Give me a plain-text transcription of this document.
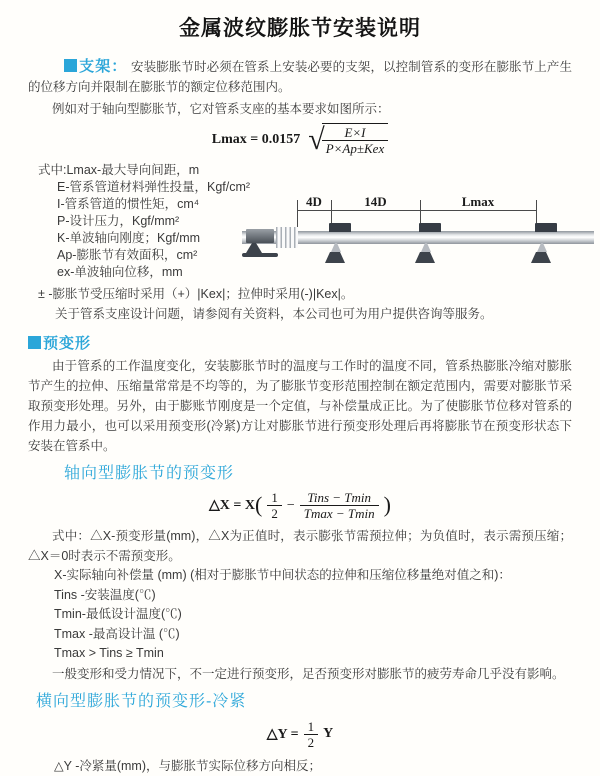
金属波纹膨胀节安装说明

支架： 安装膨胀节时必须在管系上安装必要的支架，以控制管系的变形在膨胀节上产生的位移方向并限制在膨胀节的额定位移范围内。

例如对于轴向型膨胀节，它对管系支座的基本要求如图所示：

Lmax = 0.0157 √
$\frac{E\times I}{\text{P×Ap±Kex}}$
式中:Lmax-最大导向间距，m
E-管系管道材料弹性投量，Kgf/cm²
I-管系管道的惯性矩，cm⁴
P-设计压力，Kgf/mm²
K-单波轴向刚度；Kgf/mm
Ap-膨胀节有效面积，cm²
ex-单波轴向位移，mm
± -膨胀节受压缩时采用（+）|Kex|；拉伸时采用(-)|Kex|。
关于管系支座设计问题，请参阅有关资料，本公司也可为用户提供咨询等服务。
4D	14D	Lmax
预变形

由于管系的工作温度变化，安装膨胀节时的温度与工作时的温度不同，管系热膨胀冷缩对膨胀节产生的拉伸、压缩量常常是不均等的，为了膨胀节变形范围控制在额定范围内，需要对膨胀节采取预变形处理。另外，由于膨账节刚度是一个定值，与补偿量成正比。为了使膨胀节位移对管系的作用力最小，也可以采用预变形(冷紧)方让对膨胀节进行预变形处理后再将膨胀节在预变形状态下安装在管系中。

轴向型膨胀节的预变形
△X = X ( $\frac{1}{2} - \frac{\text{Tins − Tmin}}{Tmax - Tmin}$ )

式中：△X-预变形量(mm)，△X为正值时，表示膨张节需预拉伸；为负值时，表示需预压缩；△X＝0时表示不需预变形。

X-实际轴向补偿量 (mm) (相对于膨胀节中间状态的拉伸和压缩位移量绝对值之和)：
Tins -安装温度(℃)
Tmin-最低设计温度(℃)
Tmax -最高设计温 (℃)
Tmax > Tins ≥ Tmin

一般变形和受力情况下，不一定进行预变形，足否预变形对膨胀节的疲劳寿命几乎没有影响。

横向型膨胀节的预变形-冷紧
△Y = $\frac{1}{2}$ Y
△Y -冷紧量(mm)，与膨胀节实际位移方向相反；
